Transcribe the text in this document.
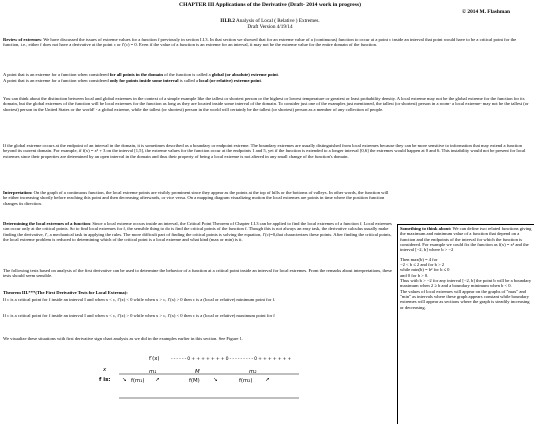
CHAPTER III Applications of the Derivative (Draft- 2014 work in progress)
© 2014 M. Flashman
III.B.2 Analysis of Local ( Relative ) Extremes.
Draft Version 4/19/14

Review of extremes: We have discussed the issues of extreme values for a function f previously in section I.I.3. In that section we showed that for an extreme value of a (continuous) function to occur at a point c inside an interval that point would have to be a critical point for the function, i.e., either f does not have a derivative at the point c or f′(c) = 0. Even if the value of a function is an extreme for an interval, it may not be the extreme value for the entire domain of the function.

A point that is an extreme for a function when considered for all points in the domain of the function is called a global (or absolute) extreme point.

A point that is an extreme for a function when considered only for points inside some interval is called a local (or relative) extreme point.

You can think about the distinction between local and global extremes in the context of a simple example like the tallest or shortest person or the highest or lowest temperature or greatest or least probability density. A local extreme may not be the global extreme for the function for its domain, but the global extremes of the function will be local extremes for the function as long as they are located inside some interval of the domain. To consider just one of the examples just mentioned, the tallest (or shortest) person in a room- a local extreme- may not be the tallest (or shortest) person in the United States or the world! - a global extreme, while the tallest (or shortest) person in the world will certainly be the tallest (or shortest) person as a member of any collection of people.

If the global extreme occurs at the endpoint of an interval in the domain, it is sometimes described as a boundary or endpoint extreme. The boundary extremes are usually distinguished from local extremes because they can be more sensitive to information that may extend a function beyond its current domain. For example, if f(x) = x³ + 3 on the interval [1,5], the extreme values for the function occur at the endpoints 1 and 5, yet if the function is extended to a longer interval [0,6] the extremes would happen at 0 and 6. This instability would not be present for local extremes since their properties are determined by an open interval in the domain and thus their property of being a local extreme is not altered in any small change of the function's domain.

Interpretation: On the graph of a continuous function, the local extreme points are visibly prominent since they appear as the points at the top of hills or the bottoms of valleys. In other words, the function will be either increasing shortly before reaching this point and then decreasing afterwards, or vice versa. On a mapping diagram visualizing motion the local extremes are points in time where the position function changes its direction.

Determining the local extremes of a function: Since a local extreme occurs inside an interval, the Critical Point Theorem of Chapter I.I.3 can be applied to find the local extremes of a function f. Local extremes can occur only at the critical points. So to find local extremes for f, the sensible thing to do is find the critical points of the function f. Though this is not always an easy task, the derivative calculus usually make finding the derivative, f′, a mechanical task in applying the rules. The more difficult part of finding the critical points is solving the equation, f′(c)=0,that characterizes these points. After finding the critical points, the local extreme problem is reduced to determining which of the critical point is a local extreme and what kind (max or min) is it.

The following tests based on analysis of the first derivative can be used to determine the behavior of a function at a critical point inside an interval for local extremes. From the remarks about interpretations, these tests should seem sensible.

Theorem III.***(The First Derivative Tests for Local Extrema):

If c is a critical point for f inside an interval I and when x < c, f′(x) < 0 while when x > c, f′(x) > 0 then c is a (local or relative) minimum point for f.

If c is a critical point for f inside an interval I and when x < c, f′(x) > 0 while when x > c, f′(x) < 0 then c is a (local or relative) maximum point for f

We visualize these situations with first derivative sign chart analysis as we did in the examples earlier in this section. See Figure 1.

f′(x) - - - - - - 0 + + + + + + + 0 - - - - - - - - - 0 + + + + + + +
x
f is: ↘
m₁
f(m₁) ↗
M
f(M) ↘
m₂
f(m₂) ↗

Something to think about: We can define two related functions giving the maximum and minimum value of a function that depend on a function and the endpoints of the interval for which the function is considered. For example we could fix the function as f(x) = x² and the interval [−2, b] where b > −2

Then max(b) = 4 for

−2 < b ≤ 2 and for b > 2

while min(b) = b² for b ≤ 0

and 0 for b > 0.

Thus with b > −2 for any interval [−2, b] the point b will be a boundary maximum when 2 ≥ b and a boundary minimum when b < 0.

The values of local extremes will appear on the graphs of "max" and "min" as intervals where these graph appears constant while boundary extremes will appear as sections where the graph is steadily increasing or decreasing.
